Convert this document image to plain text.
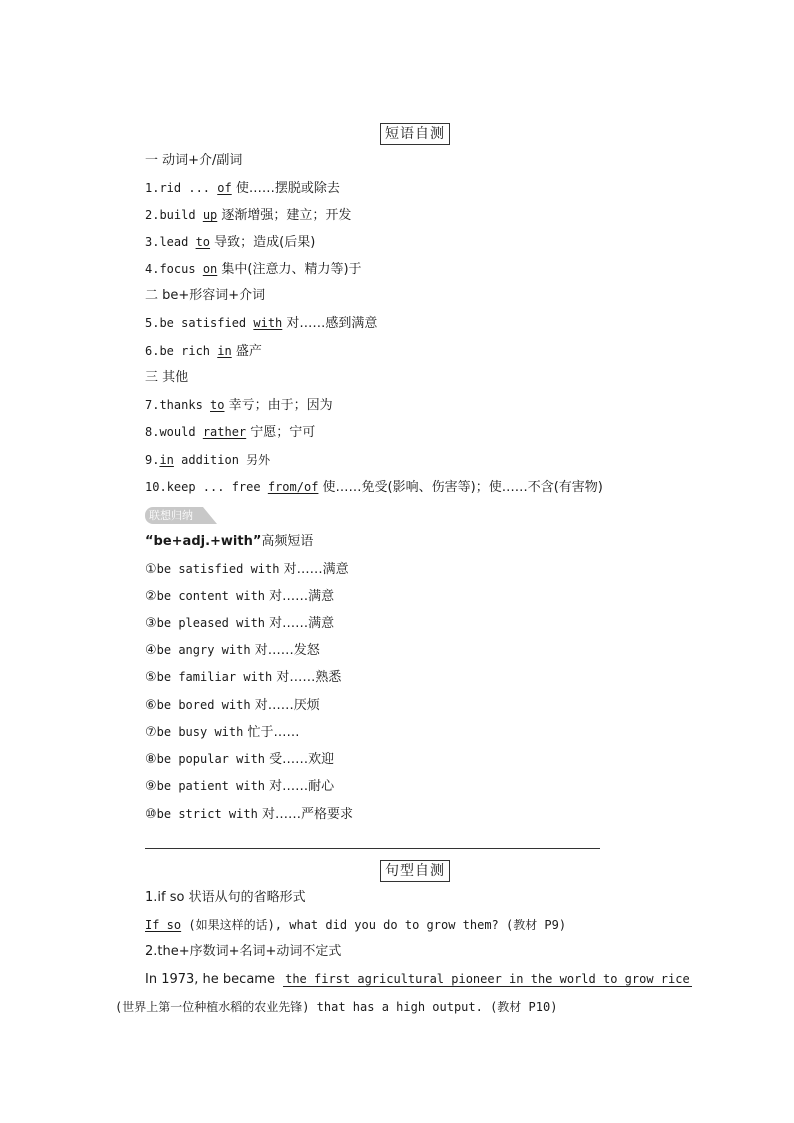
短语自测
一 动词+介/副词
1.rid ... of 使……摆脱或除去
2.build up 逐渐增强；建立；开发
3.lead to 导致；造成(后果)
4.focus on 集中(注意力、精力等)于
二 be+形容词+介词
5.be satisfied with 对……感到满意
6.be rich in 盛产
三 其他
7.thanks to 幸亏；由于；因为
8.would rather 宁愿；宁可
9.in addition 另外
10.keep ... free from/of 使……免受(影响、伤害等)；使……不含(有害物)
联想归纳
“be+adj.+with”高频短语
①be satisfied with 对……满意
②be content with 对……满意
③be pleased with 对……满意
④be angry with 对……发怒
⑤be familiar with 对……熟悉
⑥be bored with 对……厌烦
⑦be busy with 忙于……
⑧be popular with 受……欢迎
⑨be patient with 对……耐心
⑩be strict with 对……严格要求
句型自测
1.if so 状语从句的省略形式
If so (如果这样的话), what did you do to grow them? (教材 P9)
2.the+序数词+名词+动词不定式
In 1973, he became the first agricultural pioneer in the world to grow rice
(世界上第一位种植水稻的农业先锋) that has a high output. (教材 P10)
